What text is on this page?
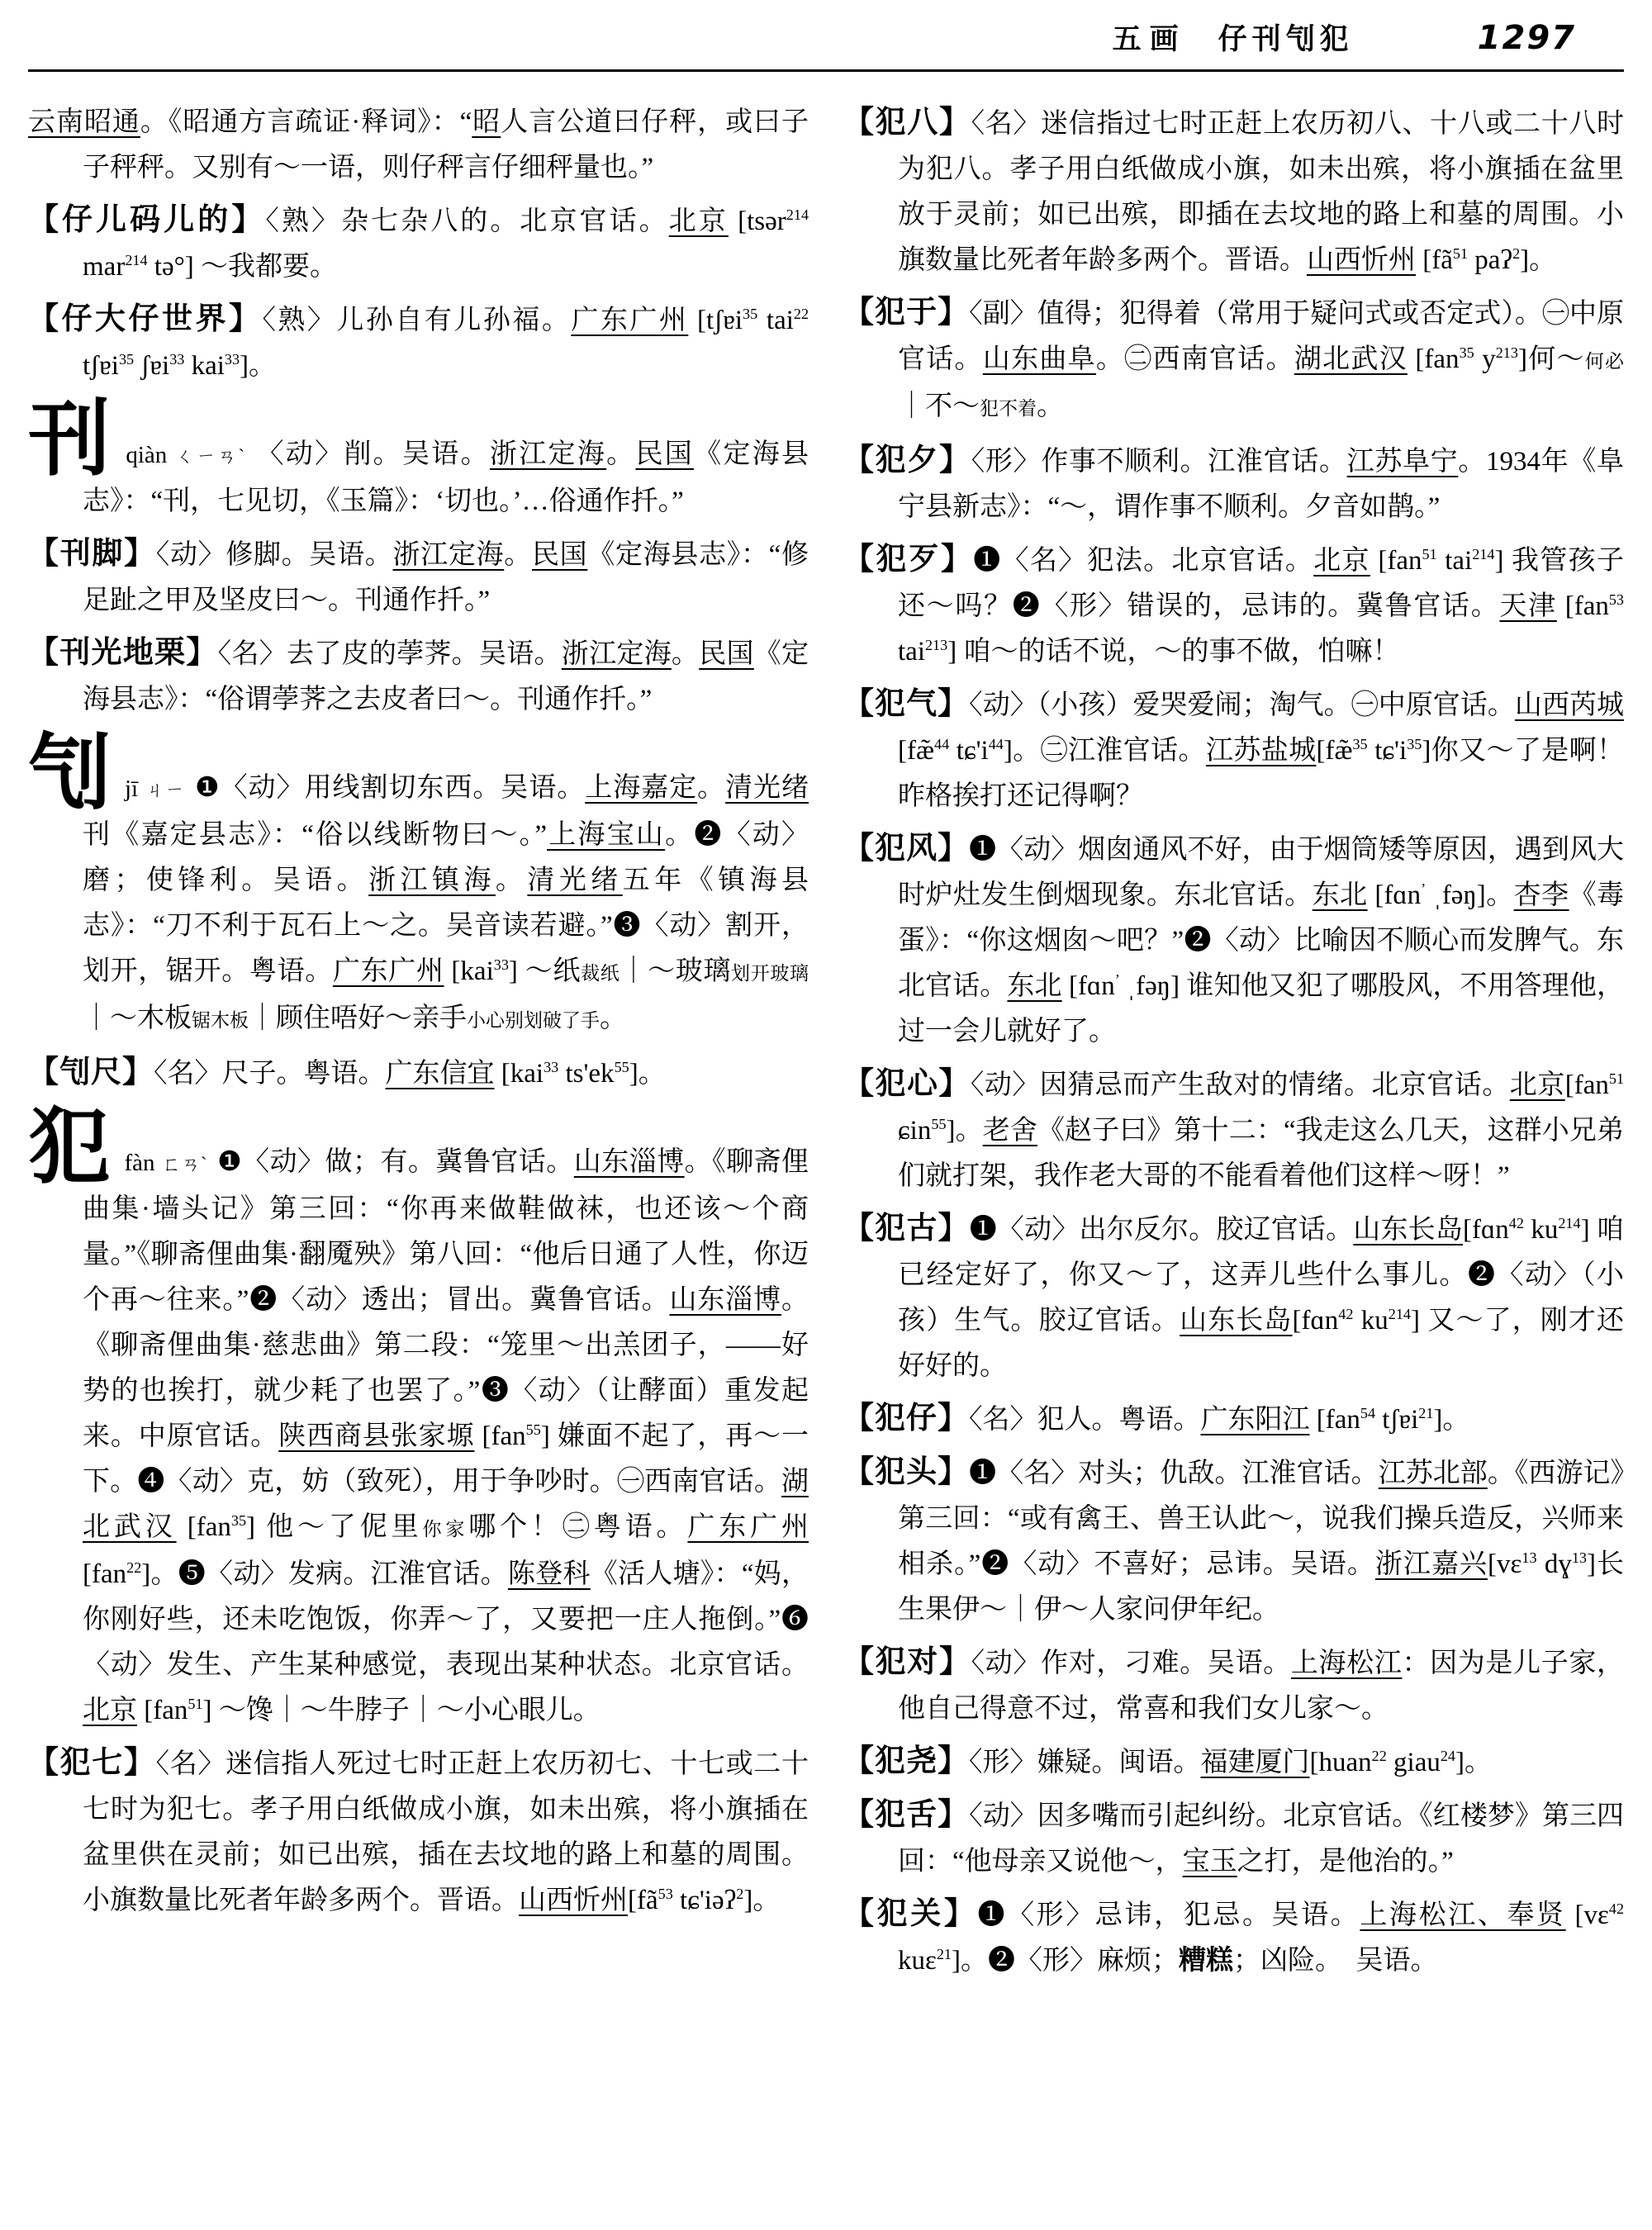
五画 仔刊刏犯	1297

云南昭通。《昭通方言疏证·释词》：“昭人言公道曰仔秤，或曰子子秤秤。又别有～一语，则仔秤言仔细秤量也。”

【仔儿码儿的】〈熟〉杂七杂八的。北京官话。北京 [tsər$^{214}$ mar$^{214}$ tə°] ～我都要。

【仔大仔世界】〈熟〉儿孙自有儿孙福。广东广州 [tʃɐi$^{35}$ tai$^{22}$ tʃɐi$^{35}$ ʃɐi$^{33}$ kai$^{33}$]。

刊qiàn ㄑㄧㄢˋ 〈动〉削。吴语。浙江定海。民国《定海县志》：“刊，七见切，《玉篇》：‘切也。’…俗通作扦。”

【刊脚】〈动〉修脚。吴语。浙江定海。民国《定海县志》：“修足趾之甲及坚皮曰～。刊通作扦。”

【刊光地栗】〈名〉去了皮的荸荠。吴语。浙江定海。民国《定海县志》：“俗谓荸荠之去皮者曰～。刊通作扦。”

刏jī ㄐㄧ ❶〈动〉用线割切东西。吴语。上海嘉定。清光绪刊《嘉定县志》：“俗以线断物曰～。”上海宝山。❷〈动〉磨；使锋利。吴语。浙江镇海。清光绪五年《镇海县志》：“刀不利于瓦石上～之。吴音读若避。”❸〈动〉割开，划开，锯开。粤语。广东广州 [kai$^{33}$] ～纸裁纸｜～玻璃划开玻璃｜～木板锯木板｜顾住唔好～亲手小心别划破了手。

【刏尺】〈名〉尺子。粤语。广东信宜 [kai$^{33}$ $ts'ek^{55}$]。

犯fàn ㄈㄢˋ ❶〈动〉做；有。冀鲁官话。山东淄博。《聊斋俚曲集·墙头记》第三回：“你再来做鞋做袜，也还该～个商量。”《聊斋俚曲集·翻魇殃》第八回：“他后日通了人性，你迈个再～往来。”❷〈动〉透出；冒出。冀鲁官话。山东淄博。《聊斋俚曲集·慈悲曲》第二段：“笼里～出羔团子，——好势的也挨打，就少耗了也罢了。”❸〈动〉（让酵面）重发起来。中原官话。陕西商县张家塬 [fan$^{55}$] 嫌面不起了，再～一下。❹〈动〉克，妨（致死），用于争吵时。㊀西南官话。湖北武汉 [fan$^{35}$] 他～了伲里你家哪个！㊁粤语。广东广州 [fan$^{22}$]。❺〈动〉发病。江淮官话。陈登科《活人塘》：“妈，你刚好些，还未吃饱饭，你弄～了，又要把一庄人拖倒。”❻〈动〉发生、产生某种感觉，表现出某种状态。北京官话。北京 [fan$^{51}$] ～馋｜～牛脖子｜～小心眼儿。

【犯七】〈名〉迷信指人死过七时正赶上农历初七、十七或二十七时为犯七。孝子用白纸做成小旗，如未出殡，将小旗插在盆里供在灵前；如已出殡，插在去坟地的路上和墓的周围。小旗数量比死者年龄多两个。晋语。山西忻州[$fã^{53}$ tɕ'iəʔ$^2$]。

【犯八】〈名〉迷信指过七时正赶上农历初八、十八或二十八时为犯八。孝子用白纸做成小旗，如未出殡，将小旗插在盆里放于灵前；如已出殡，即插在去坟地的路上和墓的周围。小旗数量比死者年龄多两个。晋语。山西忻州 [$fã^{51}$ paʔ$^2$]。

【犯于】〈副〉值得；犯得着（常用于疑问式或否定式）。㊀中原官话。山东曲阜。㊁西南官话。湖北武汉 [fan$^{35}$ $y^{213}$]何～何必｜不～犯不着。

【犯夕】〈形〉作事不顺利。江淮官话。江苏阜宁。1934年《阜宁县新志》：“～，谓作事不顺利。夕音如鹊。”

【犯歹】❶〈名〉犯法。北京官话。北京 [fan$^{51}$ tai$^{214}$] 我管孩子还～吗？❷〈形〉错误的，忌讳的。冀鲁官话。天津 [fan$^{53}$ tai$^{213}$] 咱～的话不说，～的事不做，怕嘛！

【犯气】〈动〉（小孩）爱哭爱闹；淘气。㊀中原官话。山西芮城 [fæ̃$^{44}$ $tɕ'i^{44}$]。㊁江淮官话。江苏盐城[fæ̃$^{35}$ $tɕ'i^{35}$]你又～了是啊！昨格挨打还记得啊？

【犯风】❶〈动〉烟囱通风不好，由于烟筒矮等原因，遇到风大时炉灶发生倒烟现象。东北官话。东北 [fɑn$^ʼ$ ˌfəŋ]。杏李《毒蛋》：“你这烟囱～吧？”❷〈动〉比喻因不顺心而发脾气。东北官话。东北 [fɑn$^ʼ$ ˌfəŋ] 谁知他又犯了哪股风，不用答理他，过一会儿就好了。

【犯心】〈动〉因猜忌而产生敌对的情绪。北京官话。北京[fan$^{51}$ ɕin$^{55}$]。老舍《赵子曰》第十二：“我走这么几天，这群小兄弟们就打架，我作老大哥的不能看着他们这样～呀！”

【犯古】❶〈动〉出尔反尔。胶辽官话。山东长岛[fɑn$^{42}$ $ku^{214}$] 咱已经定好了，你又～了，这弄儿些什么事儿。❷〈动〉（小孩）生气。胶辽官话。山东长岛[fɑn$^{42}$ $ku^{214}$] 又～了，刚才还好好的。

【犯仔】〈名〉犯人。粤语。广东阳江 [fan$^{54}$ tʃɐi$^{21}$]。

【犯头】❶〈名〉对头；仇敌。江淮官话。江苏北部。《西游记》第三回：“或有禽王、兽王认此～，说我们操兵造反，兴师来相杀。”❷〈动〉不喜好；忌讳。吴语。浙江嘉兴[vɛ$^{13}$ dɣ$^{13}$]长生果伊～｜伊～人家问伊年纪。

【犯对】〈动〉作对，刁难。吴语。上海松江：因为是儿子家，他自己得意不过，常喜和我们女儿家～。

【犯尧】〈形〉嫌疑。闽语。福建厦门[huan$^{22}$ giau$^{24}$]。

【犯舌】〈动〉因多嘴而引起纠纷。北京官话。《红楼梦》第三四回：“他母亲又说他～，宝玉之打，是他治的。”

【犯关】❶〈形〉忌讳，犯忌。吴语。上海松江、奉贤 [vɛ$^{42}$ kuɛ$^{21}$]。❷〈形〉麻烦；糟糕；凶险。　吴语。
